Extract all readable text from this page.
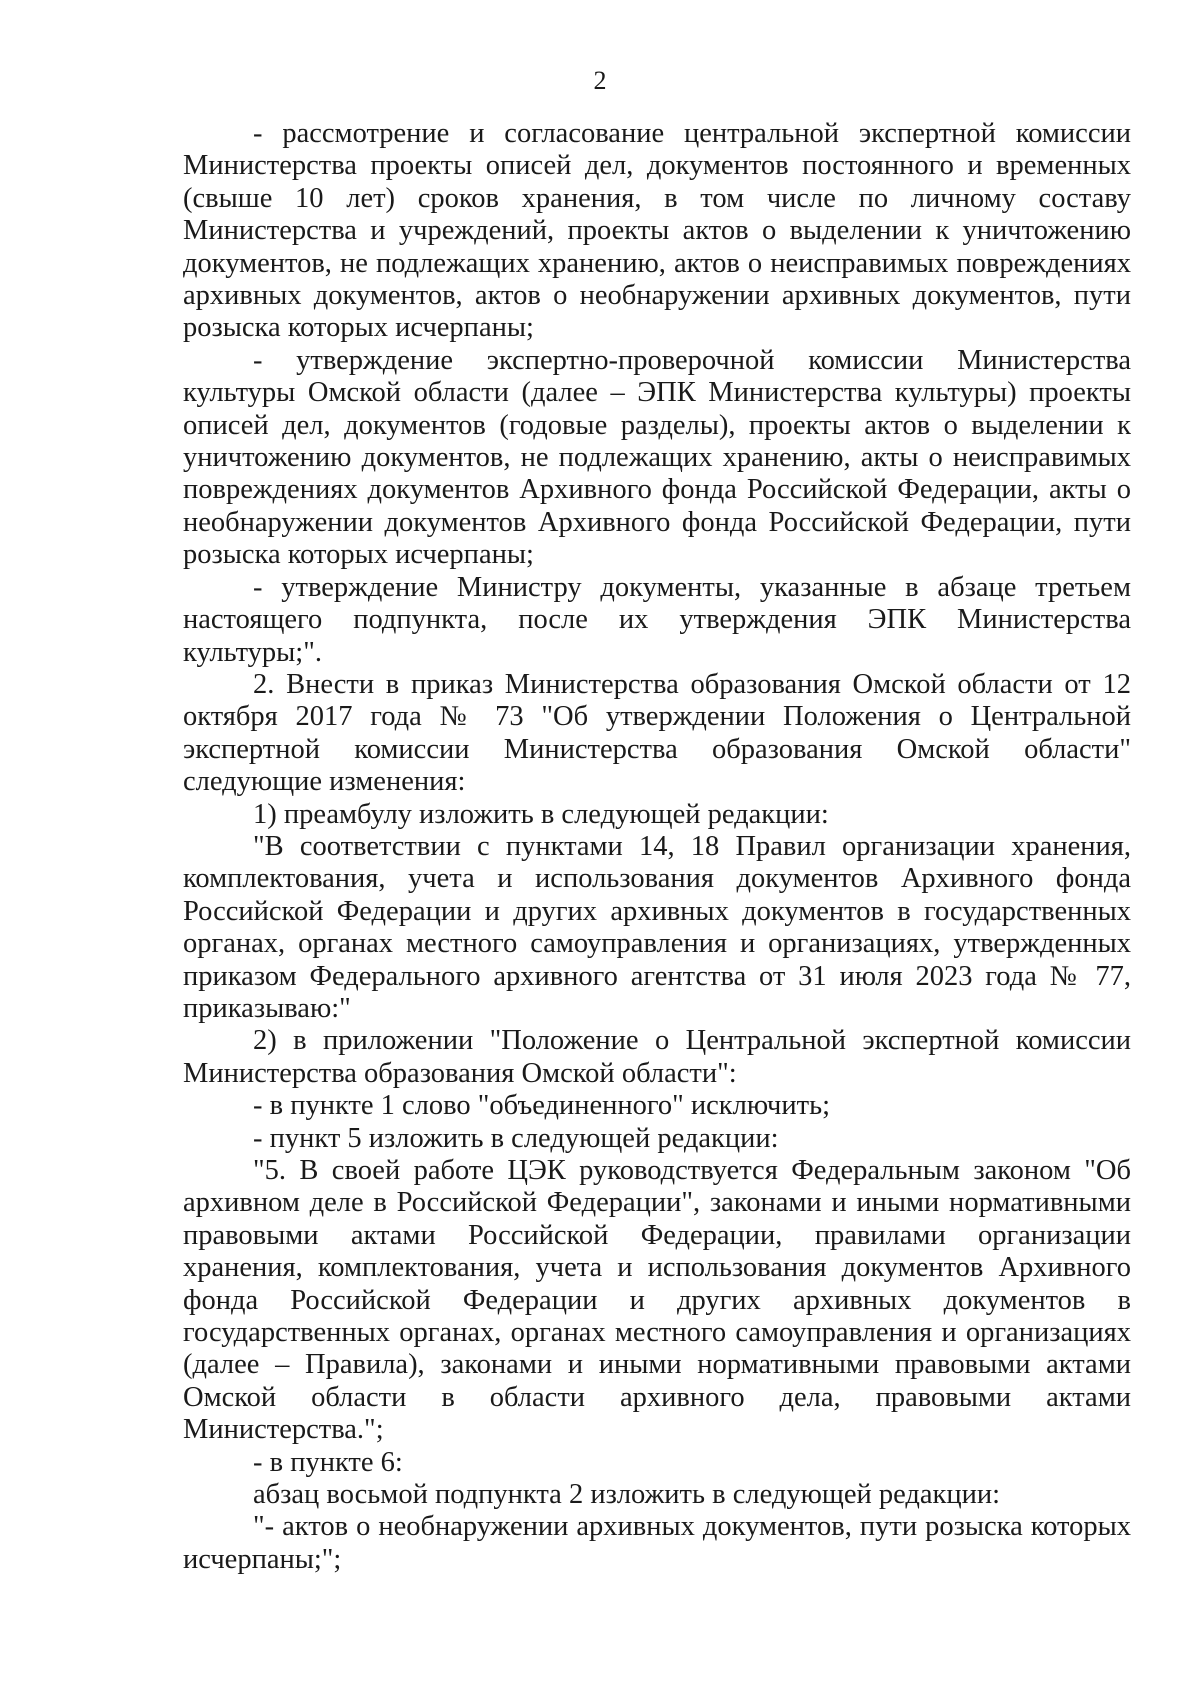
2

- рассмотрение и согласование центральной экспертной комиссии Министерства проекты описей дел, документов постоянного и временных (свыше 10 лет) сроков хранения, в том числе по личному составу Министерства и учреждений, проекты актов о выделении к уничтожению документов, не подлежащих хранению, актов о неисправимых повреждениях архивных документов, актов о необнаружении архивных документов, пути розыска которых исчерпаны;

- утверждение экспертно-проверочной комиссии Министерства культуры Омской области (далее – ЭПК Министерства культуры) проекты описей дел, документов (годовые разделы), проекты актов о выделении к уничтожению документов, не подлежащих хранению, акты о неисправимых повреждениях документов Архивного фонда Российской Федерации, акты о необнаружении документов Архивного фонда Российской Федерации, пути розыска которых исчерпаны;

- утверждение Министру документы, указанные в абзаце третьем настоящего подпункта, после их утверждения ЭПК Министерства культуры;".

2. Внести в приказ Министерства образования Омской области от 12 октября 2017 года № 73 "Об утверждении Положения о Центральной экспертной комиссии Министерства образования Омской области" следующие изменения:

1) преамбулу изложить в следующей редакции:

"В соответствии с пунктами 14, 18 Правил организации хранения, комплектования, учета и использования документов Архивного фонда Российской Федерации и других архивных документов в государственных органах, органах местного самоуправления и организациях, утвержденных приказом Федерального архивного агентства от 31 июля 2023 года № 77, приказываю:"

2) в приложении "Положение о Центральной экспертной комиссии Министерства образования Омской области":

- в пункте 1 слово "объединенного" исключить;

- пункт 5 изложить в следующей редакции:

"5. В своей работе ЦЭК руководствуется Федеральным законом "Об архивном деле в Российской Федерации", законами и иными нормативными правовыми актами Российской Федерации, правилами организации хранения, комплектования, учета и использования документов Архивного фонда Российской Федерации и других архивных документов в государственных органах, органах местного самоуправления и организациях (далее – Правила), законами и иными нормативными правовыми актами Омской области в области архивного дела, правовыми актами Министерства.";

- в пункте 6:

абзац восьмой подпункта 2 изложить в следующей редакции:

"- актов о необнаружении архивных документов, пути розыска которых исчерпаны;";
